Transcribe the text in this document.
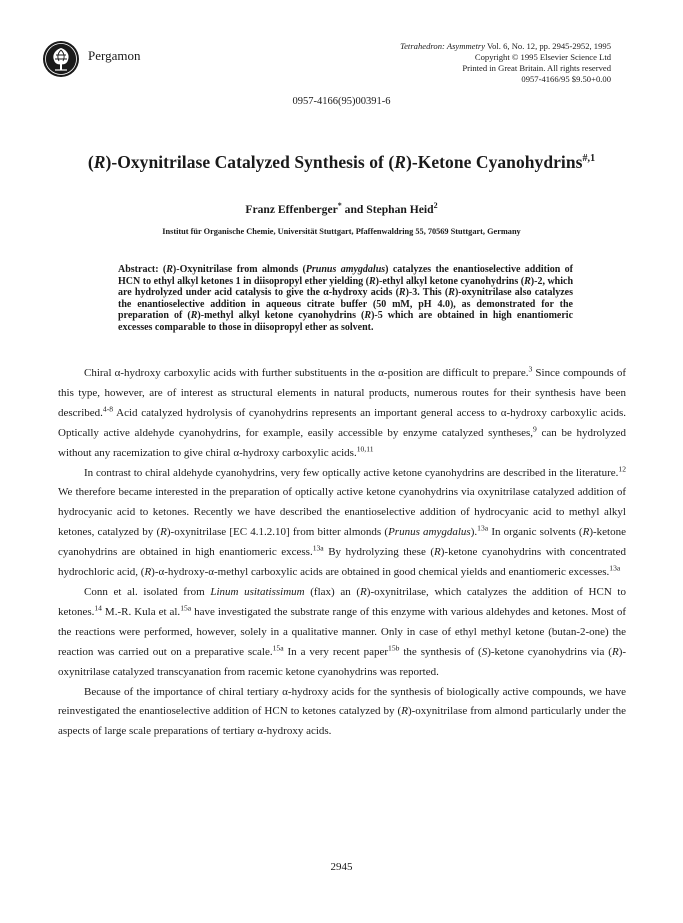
Pergamon
Tetrahedron: Asymmetry Vol. 6, No. 12, pp. 2945-2952, 1995
Copyright © 1995 Elsevier Science Ltd
Printed in Great Britain. All rights reserved
0957-4166/95 $9.50+0.00
0957-4166(95)00391-6
(R)-Oxynitrilase Catalyzed Synthesis of (R)-Ketone Cyanohydrins$^{\#,1}$
Franz Effenberger* and Stephan Heid$^2$
Institut für Organische Chemie, Universität Stuttgart, Pfaffenwaldring 55, 70569 Stuttgart, Germany
Abstract: (R)-Oxynitrilase from almonds (Prunus amygdalus) catalyzes the enantioselective addition of HCN to ethyl alkyl ketones 1 in diisopropyl ether yielding (R)-ethyl alkyl ketone cyanohydrins (R)-2, which are hydrolyzed under acid catalysis to give the α-hydroxy acids (R)-3. This (R)-oxynitrilase also catalyzes the enantioselective addition in aqueous citrate buffer (50 mM, pH 4.0), as demonstrated for the preparation of (R)-methyl alkyl ketone cyanohydrins (R)-5 which are obtained in high enantiomeric excesses comparable to those in diisopropyl ether as solvent.

Chiral α-hydroxy carboxylic acids with further substituents in the α-position are difficult to prepare.$^3$ Since compounds of this type, however, are of interest as structural elements in natural products, numerous routes for their synthesis have been described.$^{4-8}$ Acid catalyzed hydrolysis of cyanohydrins represents an important general access to α-hydroxy carboxylic acids. Optically active aldehyde cyanohydrins, for example, easily accessible by enzyme catalyzed syntheses,$^9$ can be hydrolyzed without any racemization to give chiral α-hydroxy carboxylic acids.$^{10,11}$

In contrast to chiral aldehyde cyanohydrins, very few optically active ketone cyanohydrins are described in the literature.$^{12}$ We therefore became interested in the preparation of optically active ketone cyanohydrins via oxynitrilase catalyzed addition of hydrocyanic acid to ketones. Recently we have described the enantioselective addition of hydrocyanic acid to methyl alkyl ketones, catalyzed by (R)-oxynitrilase [EC 4.1.2.10] from bitter almonds (Prunus amygdalus).$^{13a}$ In organic solvents (R)-ketone cyanohydrins are obtained in high enantiomeric excess.$^{13a}$ By hydrolyzing these (R)-ketone cyanohydrins with concentrated hydrochloric acid, (R)-α-hydroxy-α-methyl carboxylic acids are obtained in good chemical yields and enantiomeric excesses.$^{13a}$

Conn et al. isolated from Linum usitatissimum (flax) an (R)-oxynitrilase, which catalyzes the addition of HCN to ketones.$^{14}$ M.-R. Kula et al.$^{15a}$ have investigated the substrate range of this enzyme with various aldehydes and ketones. Most of the reactions were performed, however, solely in a qualitative manner. Only in case of ethyl methyl ketone (butan-2-one) the reaction was carried out on a preparative scale.$^{15a}$ In a very recent paper$^{15b}$ the synthesis of (S)-ketone cyanohydrins via (R)-oxynitrilase catalyzed transcyanation from racemic ketone cyanohydrins was reported.

Because of the importance of chiral tertiary α-hydroxy acids for the synthesis of biologically active compounds, we have reinvestigated the enantioselective addition of HCN to ketones catalyzed by (R)-oxynitrilase from almond particularly under the aspects of large scale preparations of tertiary α-hydroxy acids.

2945
